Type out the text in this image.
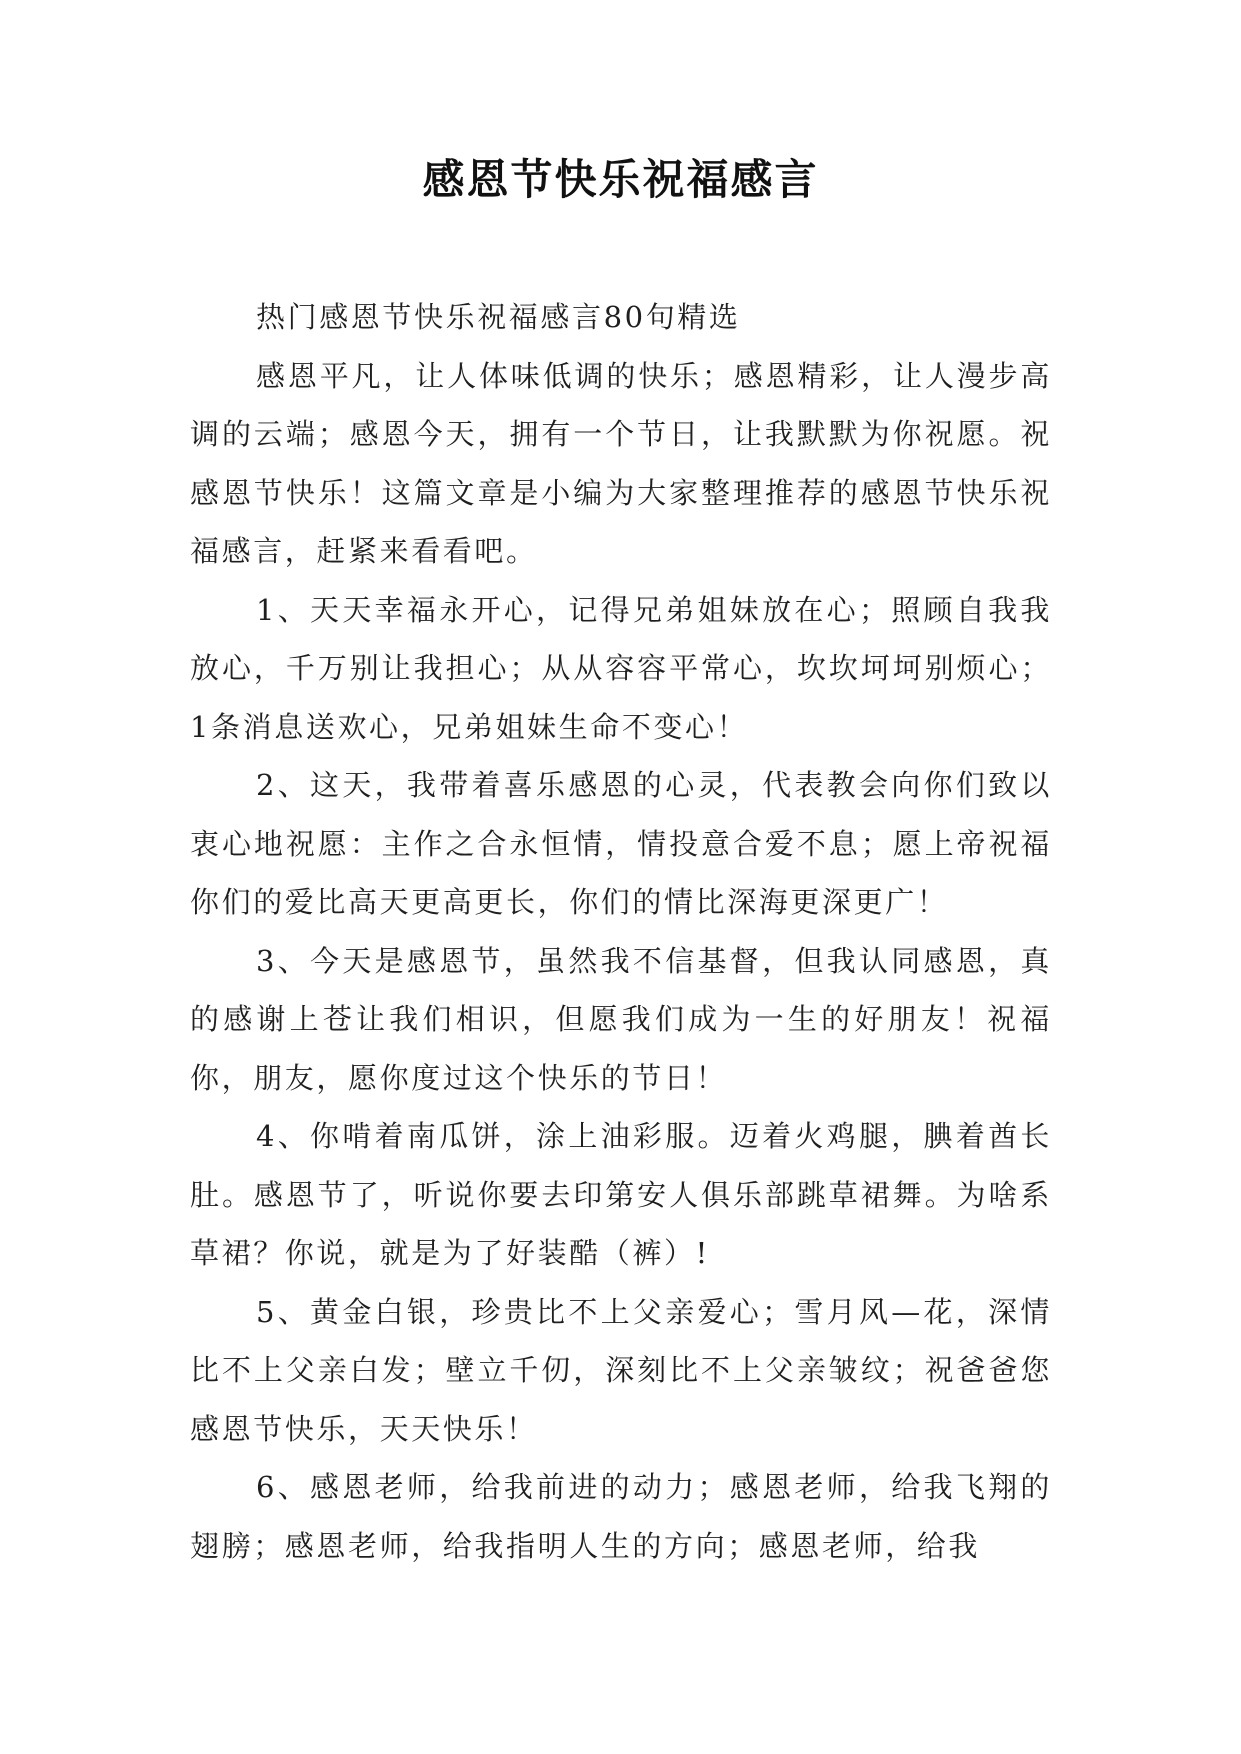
感恩节快乐祝福感言

热门感恩节快乐祝福感言80句精选

感恩平凡，让人体味低调的快乐；感恩精彩，让人漫步高调的云端；感恩今天，拥有一个节日，让我默默为你祝愿。祝感恩节快乐！这篇文章是小编为大家整理推荐的感恩节快乐祝福感言，赶紧来看看吧。

1、天天幸福永开心，记得兄弟姐妹放在心；照顾自我我放心，千万别让我担心；从从容容平常心，坎坎坷坷别烦心；1条消息送欢心，兄弟姐妹生命不变心！

2、这天，我带着喜乐感恩的心灵，代表教会向你们致以衷心地祝愿：主作之合永恒情，情投意合爱不息；愿上帝祝福你们的爱比高天更高更长，你们的情比深海更深更广！

3、今天是感恩节，虽然我不信基督，但我认同感恩，真的感谢上苍让我们相识，但愿我们成为一生的好朋友！祝福你，朋友，愿你度过这个快乐的节日！

4、你啃着南瓜饼，涂上油彩服。迈着火鸡腿，腆着酋长肚。感恩节了，听说你要去印第安人俱乐部跳草裙舞。为啥系草裙？你说，就是为了好装酷（裤）!

5、黄金白银，珍贵比不上父亲爱心；雪月风—花，深情比不上父亲白发；壁立千仞，深刻比不上父亲皱纹；祝爸爸您感恩节快乐，天天快乐！

6、感恩老师，给我前进的动力；感恩老师，给我飞翔的翅膀；感恩老师，给我指明人生的方向；感恩老师，给我
